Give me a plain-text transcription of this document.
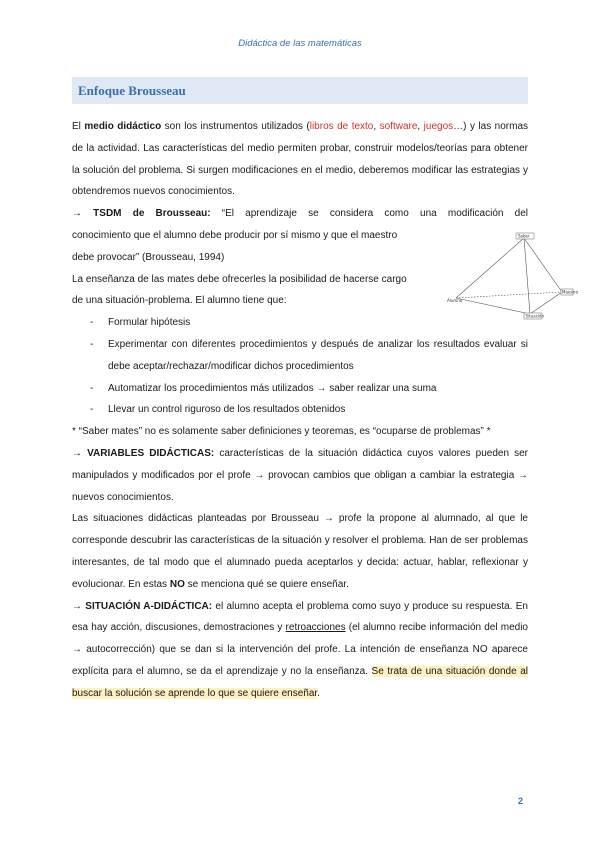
Didáctica de las matemáticas
Enfoque Brousseau

El medio didáctico son los instrumentos utilizados (libros de texto, software, juegos…) y las normas de la actividad. Las características del medio permiten probar, construir modelos/teorías para obtener la solución del problema. Si surgen modificaciones en el medio, deberemos modificar las estrategias y obtendremos nuevos conocimientos.

→ TSDM de Brousseau: “El aprendizaje se considera como una modificación del

conocimiento que el alumno debe producir por sí mismo y que el maestro

debe provocar” (Brousseau, 1994)

La enseñanza de las mates debe ofrecerles la posibilidad de hacerse cargo

de una situación-problema. El alumno tiene que:

- Formular hipótesis
- Experimentar con diferentes procedimientos y después de analizar los resultados evaluar si debe aceptar/rechazar/modificar dichos procedimientos
- Automatizar los procedimientos más utilizados → saber realizar una suma
- Llevar un control riguroso de los resultados obtenidos

* “Saber mates” no es solamente saber definiciones y teoremas, es “ocuparse de problemas” *

→ VARIABLES DIDÁCTICAS: características de la situación didáctica cuyos valores pueden ser manipulados y modificados por el profe → provocan cambios que obligan a cambiar la estrategia → nuevos conocimientos.

Las situaciones didácticas planteadas por Brousseau → profe la propone al alumnado, al que le corresponde descubrir las características de la situación y resolver el problema. Han de ser problemas interesantes, de tal modo que el alumnado pueda aceptarlos y decida: actuar, hablar, reflexionar y evolucionar. En estas NO se menciona qué se quiere enseñar.

→ SITUACIÓN A-DIDÁCTICA: el alumno acepta el problema como suyo y produce su respuesta. En esa hay acción, discusiones, demostraciones y retroacciones (el alumno recibe información del medio → autocorrección) que se dan si la intervención del profe. La intención de enseñanza NO aparece explícita para el alumno, se da el aprendizaje y no la enseñanza. Se trata de una situación donde al buscar la solución se aprende lo que se quiere enseñar.

Saber
Alumno
Maestro
Situación
2
